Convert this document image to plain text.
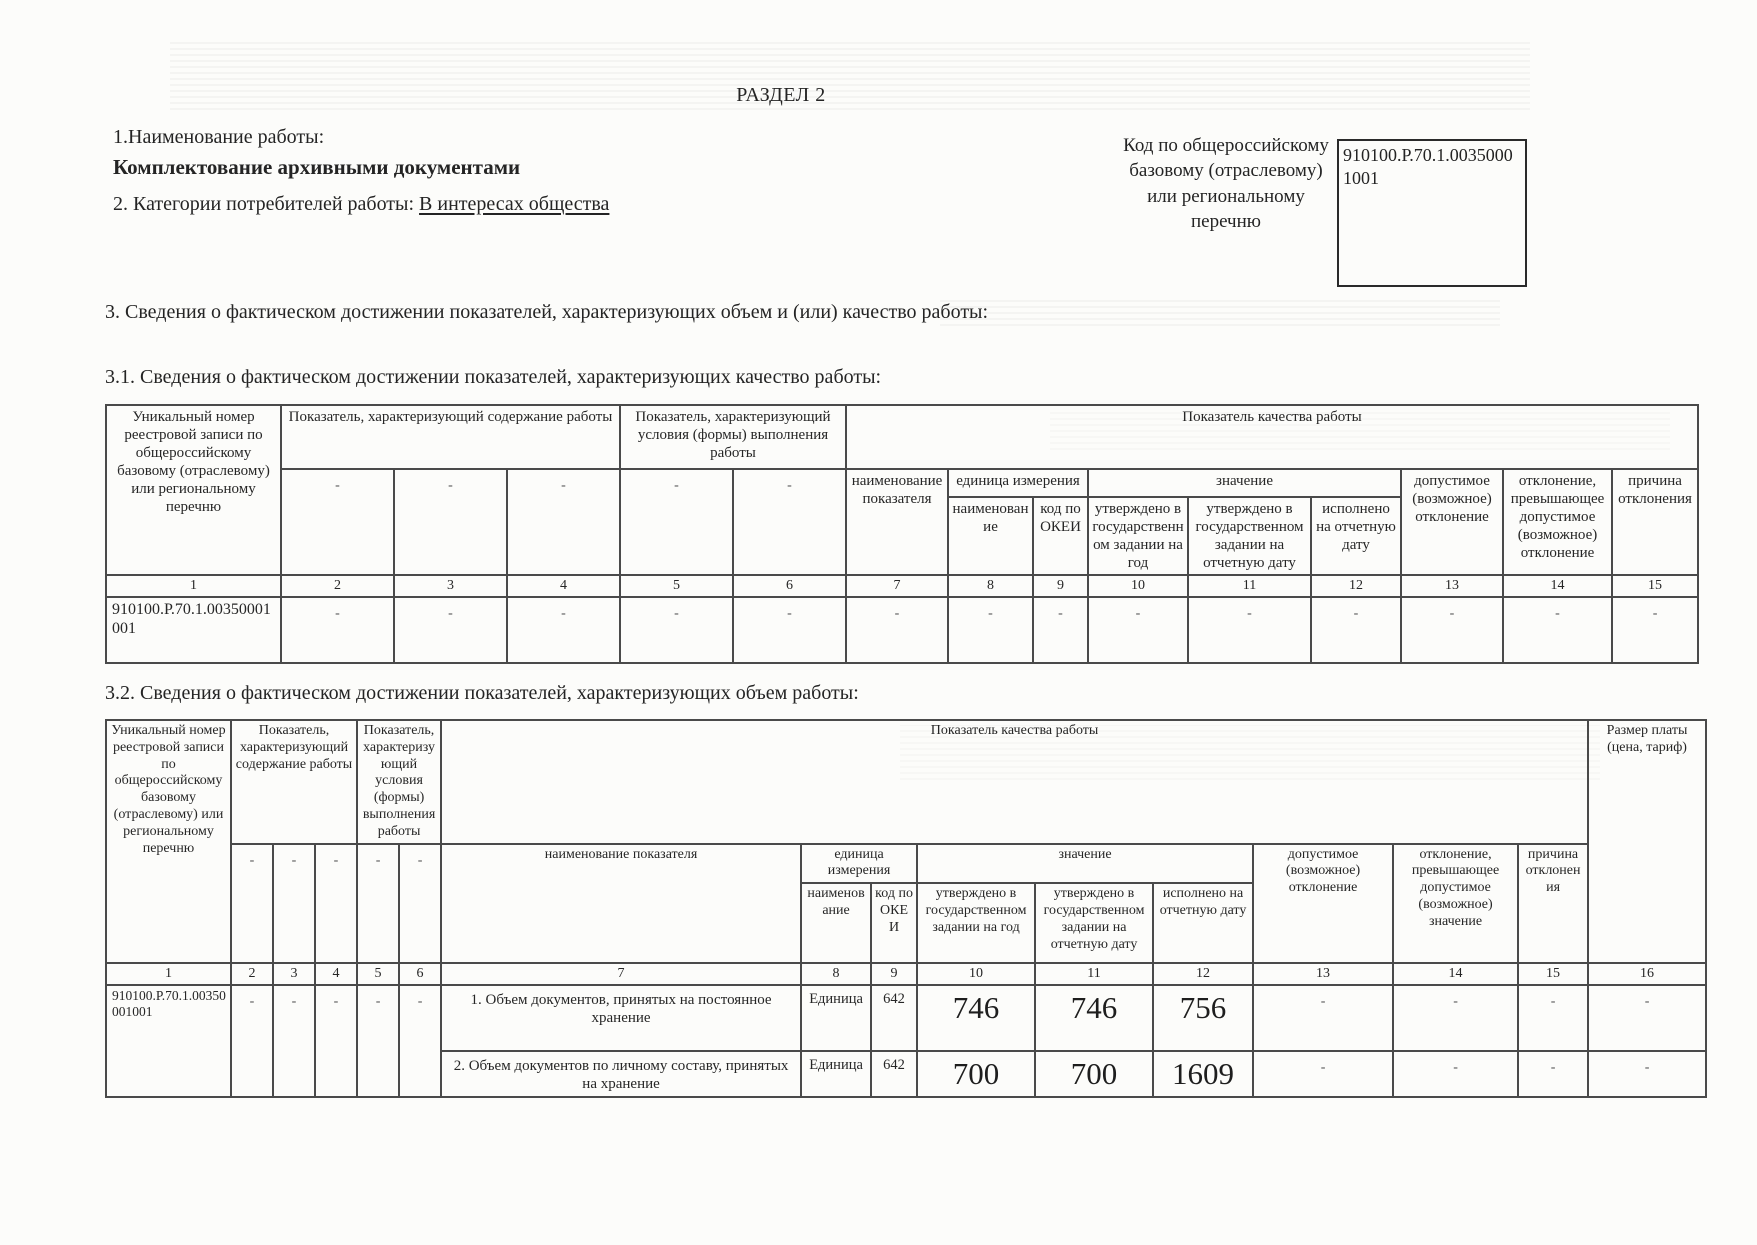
РАЗДЕЛ 2
1.Наименование работы:
Комплектование архивными документами
2. Категории потребителей работы: В интересах общества
Код по общероссийскому базовому (отраслевому) или региональному перечню
910100.Р.70.1.00350001001
3. Сведения о фактическом достижении показателей, характеризующих объем и (или) качество работы:
3.1. Сведения о фактическом достижении показателей, характеризующих качество работы:
Уникальный номер реестровой записи по общероссийскому базовому (отраслевому) или региональному перечню	Показатель, характеризующий содержание работы			Показатель, характеризующий условия (формы) выполнения работы		Показатель качества работы								
	-	-	-	-	-	наименование показателя	единица измерения		значение			допустимое (возможное) отклонение	отклонение, превышающее допустимое (возможное) отклонение	причина отклонения
							наименование	код по ОКЕИ	утверждено в государственном задании на год	утверждено в государственном задании на отчетную дату	исполнено на отчетную дату			
1	2	3	4	5	6	7	8	9	10	11	12	13	14	15
910100.Р.70.1.00350001001	-	-	-	-	-	-	-	-	-	-	-	-	-	-
3.2. Сведения о фактическом достижении показателей, характеризующих объем работы:
Уникальный номер реестровой записи по общероссийскому базовому (отраслевому) или региональному перечню	Показатель, характеризующий содержание работы			Показатель, характеризующий условия (формы) выполнения работы		Показатель качества работы									Размер платы (цена, тариф)
	-	-	-	-	-	наименование показателя	единица измерения		значение			допустимое (возможное) отклонение	отклонение, превышающее допустимое (возможное) значение	причина отклонения	
							наименование	код по ОКЕИ	утверждено в государственном задании на год	утверждено в государственном задании на отчетную дату	исполнено на отчетную дату				
1	2	3	4	5	6	7	8	9	10	11	12	13	14	15	16
910100.Р.70.1.00350001001	-	-	-	-	-	1. Объем документов, принятых на постоянное хранение	Единица	642	746	746	756	-	-	-	-
						2. Объем документов по личному составу, принятых на хранение	Единица	642	700	700	1609	-	-	-	-
